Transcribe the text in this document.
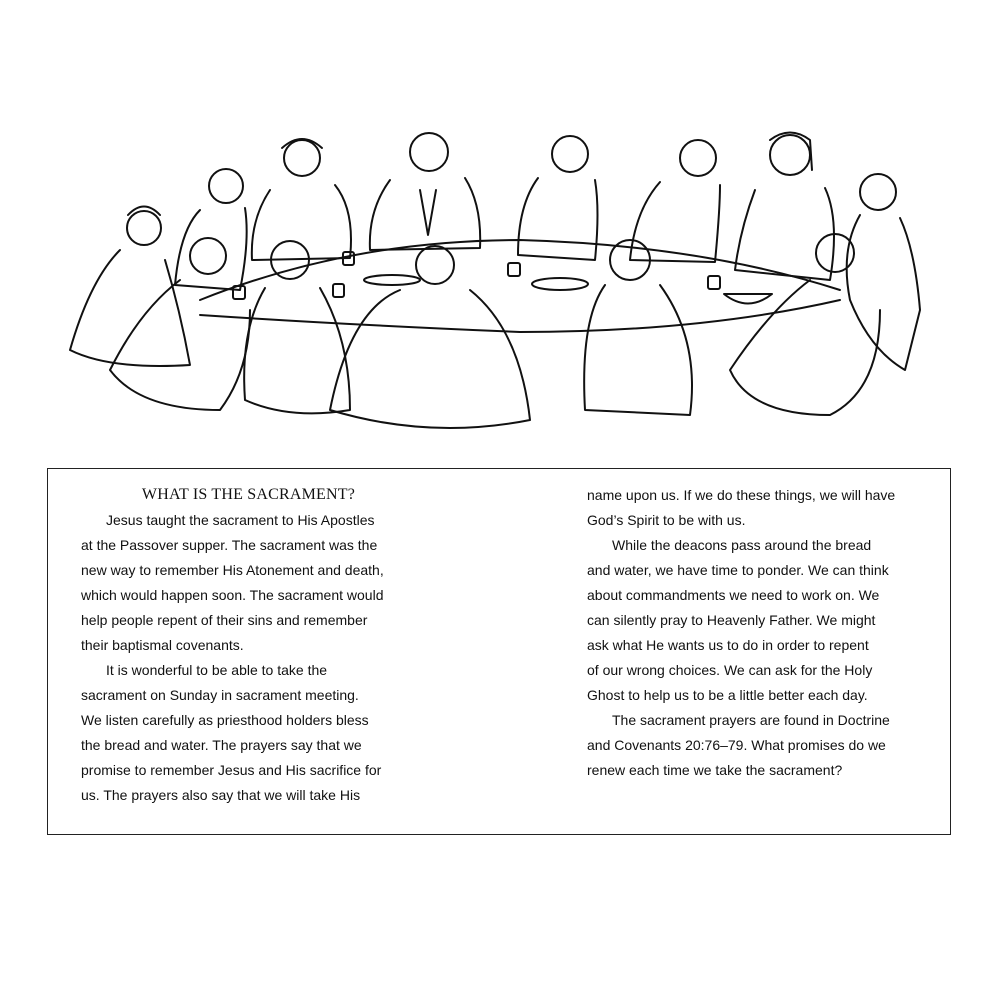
WHAT IS THE SACRAMENT?

Jesus taught the sacrament to His Apostles
at the Passover supper. The sacrament was the
new way to remember His Atonement and death,
which would happen soon. The sacrament would
help people repent of their sins and remember
their baptismal covenants.

It is wonderful to be able to take the
sacrament on Sunday in sacrament meeting.
We listen carefully as priesthood holders bless
the bread and water. The prayers say that we
promise to remember Jesus and His sacrifice for
us. The prayers also say that we will take His

name upon us. If we do these things, we will have
God’s Spirit to be with us.

While the deacons pass around the bread
and water, we have time to ponder. We can think
about commandments we need to work on. We
can silently pray to Heavenly Father. We might
ask what He wants us to do in order to repent
of our wrong choices. We can ask for the Holy
Ghost to help us to be a little better each day.

The sacrament prayers are found in Doctrine
and Covenants 20:76–79. What promises do we
renew each time we take the sacrament?
